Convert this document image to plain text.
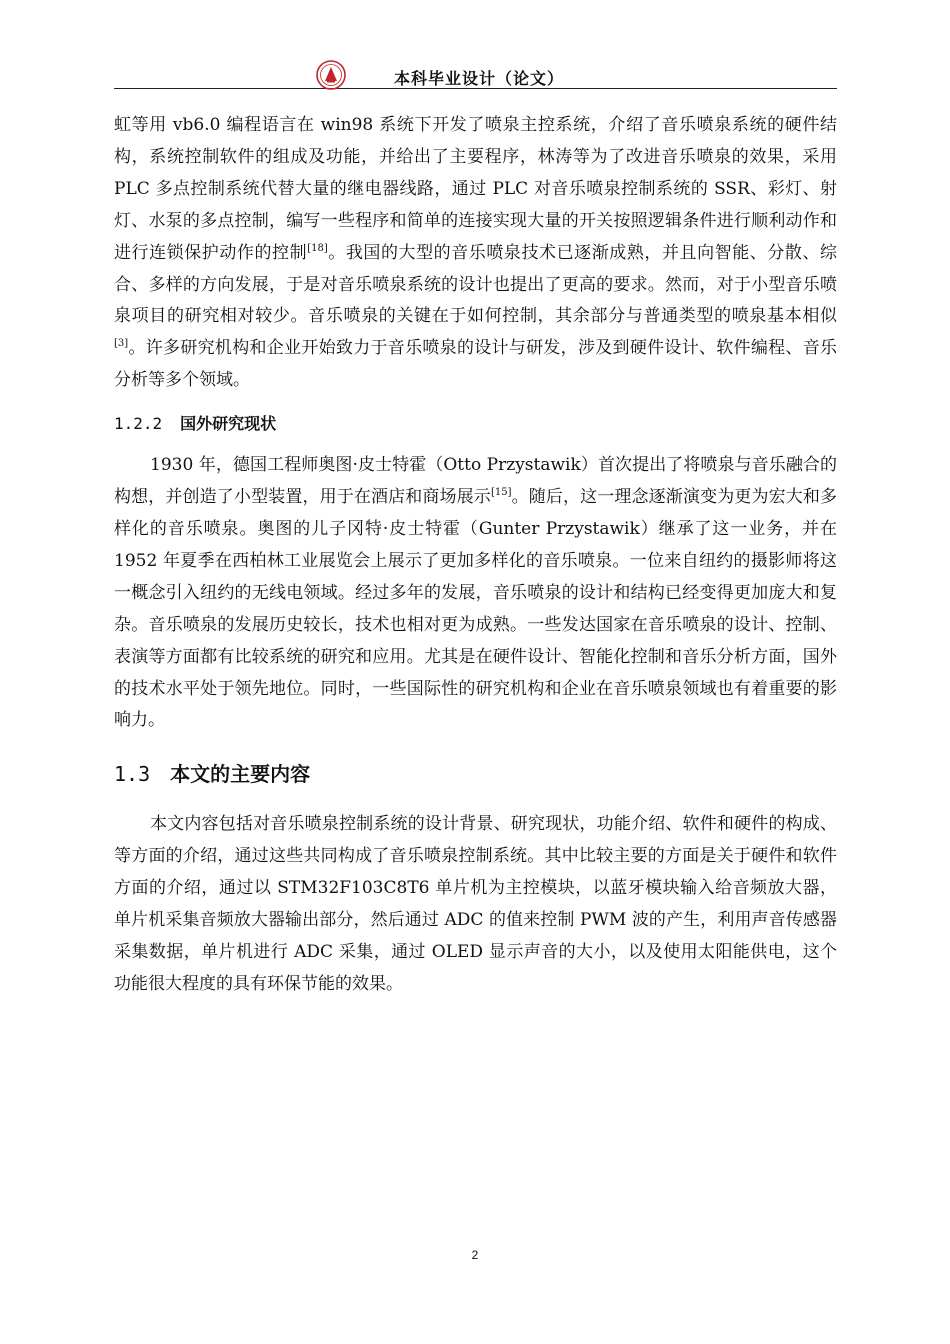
本科毕业设计（论文）

虹等用 vb6.0 编程语言在 win98 系统下开发了喷泉主控系统，介绍了音乐喷泉系统的硬件结构，系统控制软件的组成及功能，并给出了主要程序，林涛等为了改进音乐喷泉的效果，采用 PLC 多点控制系统代替大量的继电器线路，通过 PLC 对音乐喷泉控制系统的 SSR、彩灯、射灯、水泵的多点控制，编写一些程序和简单的连接实现大量的开关按照逻辑条件进行顺利动作和进行连锁保护动作的控制[18]。我国的大型的音乐喷泉技术已逐渐成熟，并且向智能、分散、综合、多样的方向发展，于是对音乐喷泉系统的设计也提出了更高的要求。然而，对于小型音乐喷泉项目的研究相对较少。音乐喷泉的关键在于如何控制，其余部分与普通类型的喷泉基本相似[3]。许多研究机构和企业开始致力于音乐喷泉的设计与研发，涉及到硬件设计、软件编程、音乐分析等多个领域。

1.2.2 国外研究现状

1930 年，德国工程师奥图·皮士特霍（Otto Przystawik）首次提出了将喷泉与音乐融合的构想，并创造了小型装置，用于在酒店和商场展示[15]。随后，这一理念逐渐演变为更为宏大和多样化的音乐喷泉。奥图的儿子冈特·皮士特霍（Gunter Przystawik）继承了这一业务，并在 1952 年夏季在西柏林工业展览会上展示了更加多样化的音乐喷泉。一位来自纽约的摄影师将这一概念引入纽约的无线电领域。经过多年的发展，音乐喷泉的设计和结构已经变得更加庞大和复杂。音乐喷泉的发展历史较长，技术也相对更为成熟。一些发达国家在音乐喷泉的设计、控制、表演等方面都有比较系统的研究和应用。尤其是在硬件设计、智能化控制和音乐分析方面，国外的技术水平处于领先地位。同时，一些国际性的研究机构和企业在音乐喷泉领域也有着重要的影响力。

1.3 本文的主要内容

本文内容包括对音乐喷泉控制系统的设计背景、研究现状，功能介绍、软件和硬件的构成、等方面的介绍，通过这些共同构成了音乐喷泉控制系统。其中比较主要的方面是关于硬件和软件方面的介绍，通过以 STM32F103C8T6 单片机为主控模块，以蓝牙模块输入给音频放大器，单片机采集音频放大器输出部分，然后通过 ADC 的值来控制 PWM 波的产生，利用声音传感器采集数据，单片机进行 ADC 采集，通过 OLED 显示声音的大小，以及使用太阳能供电，这个功能很大程度的具有环保节能的效果。

2
